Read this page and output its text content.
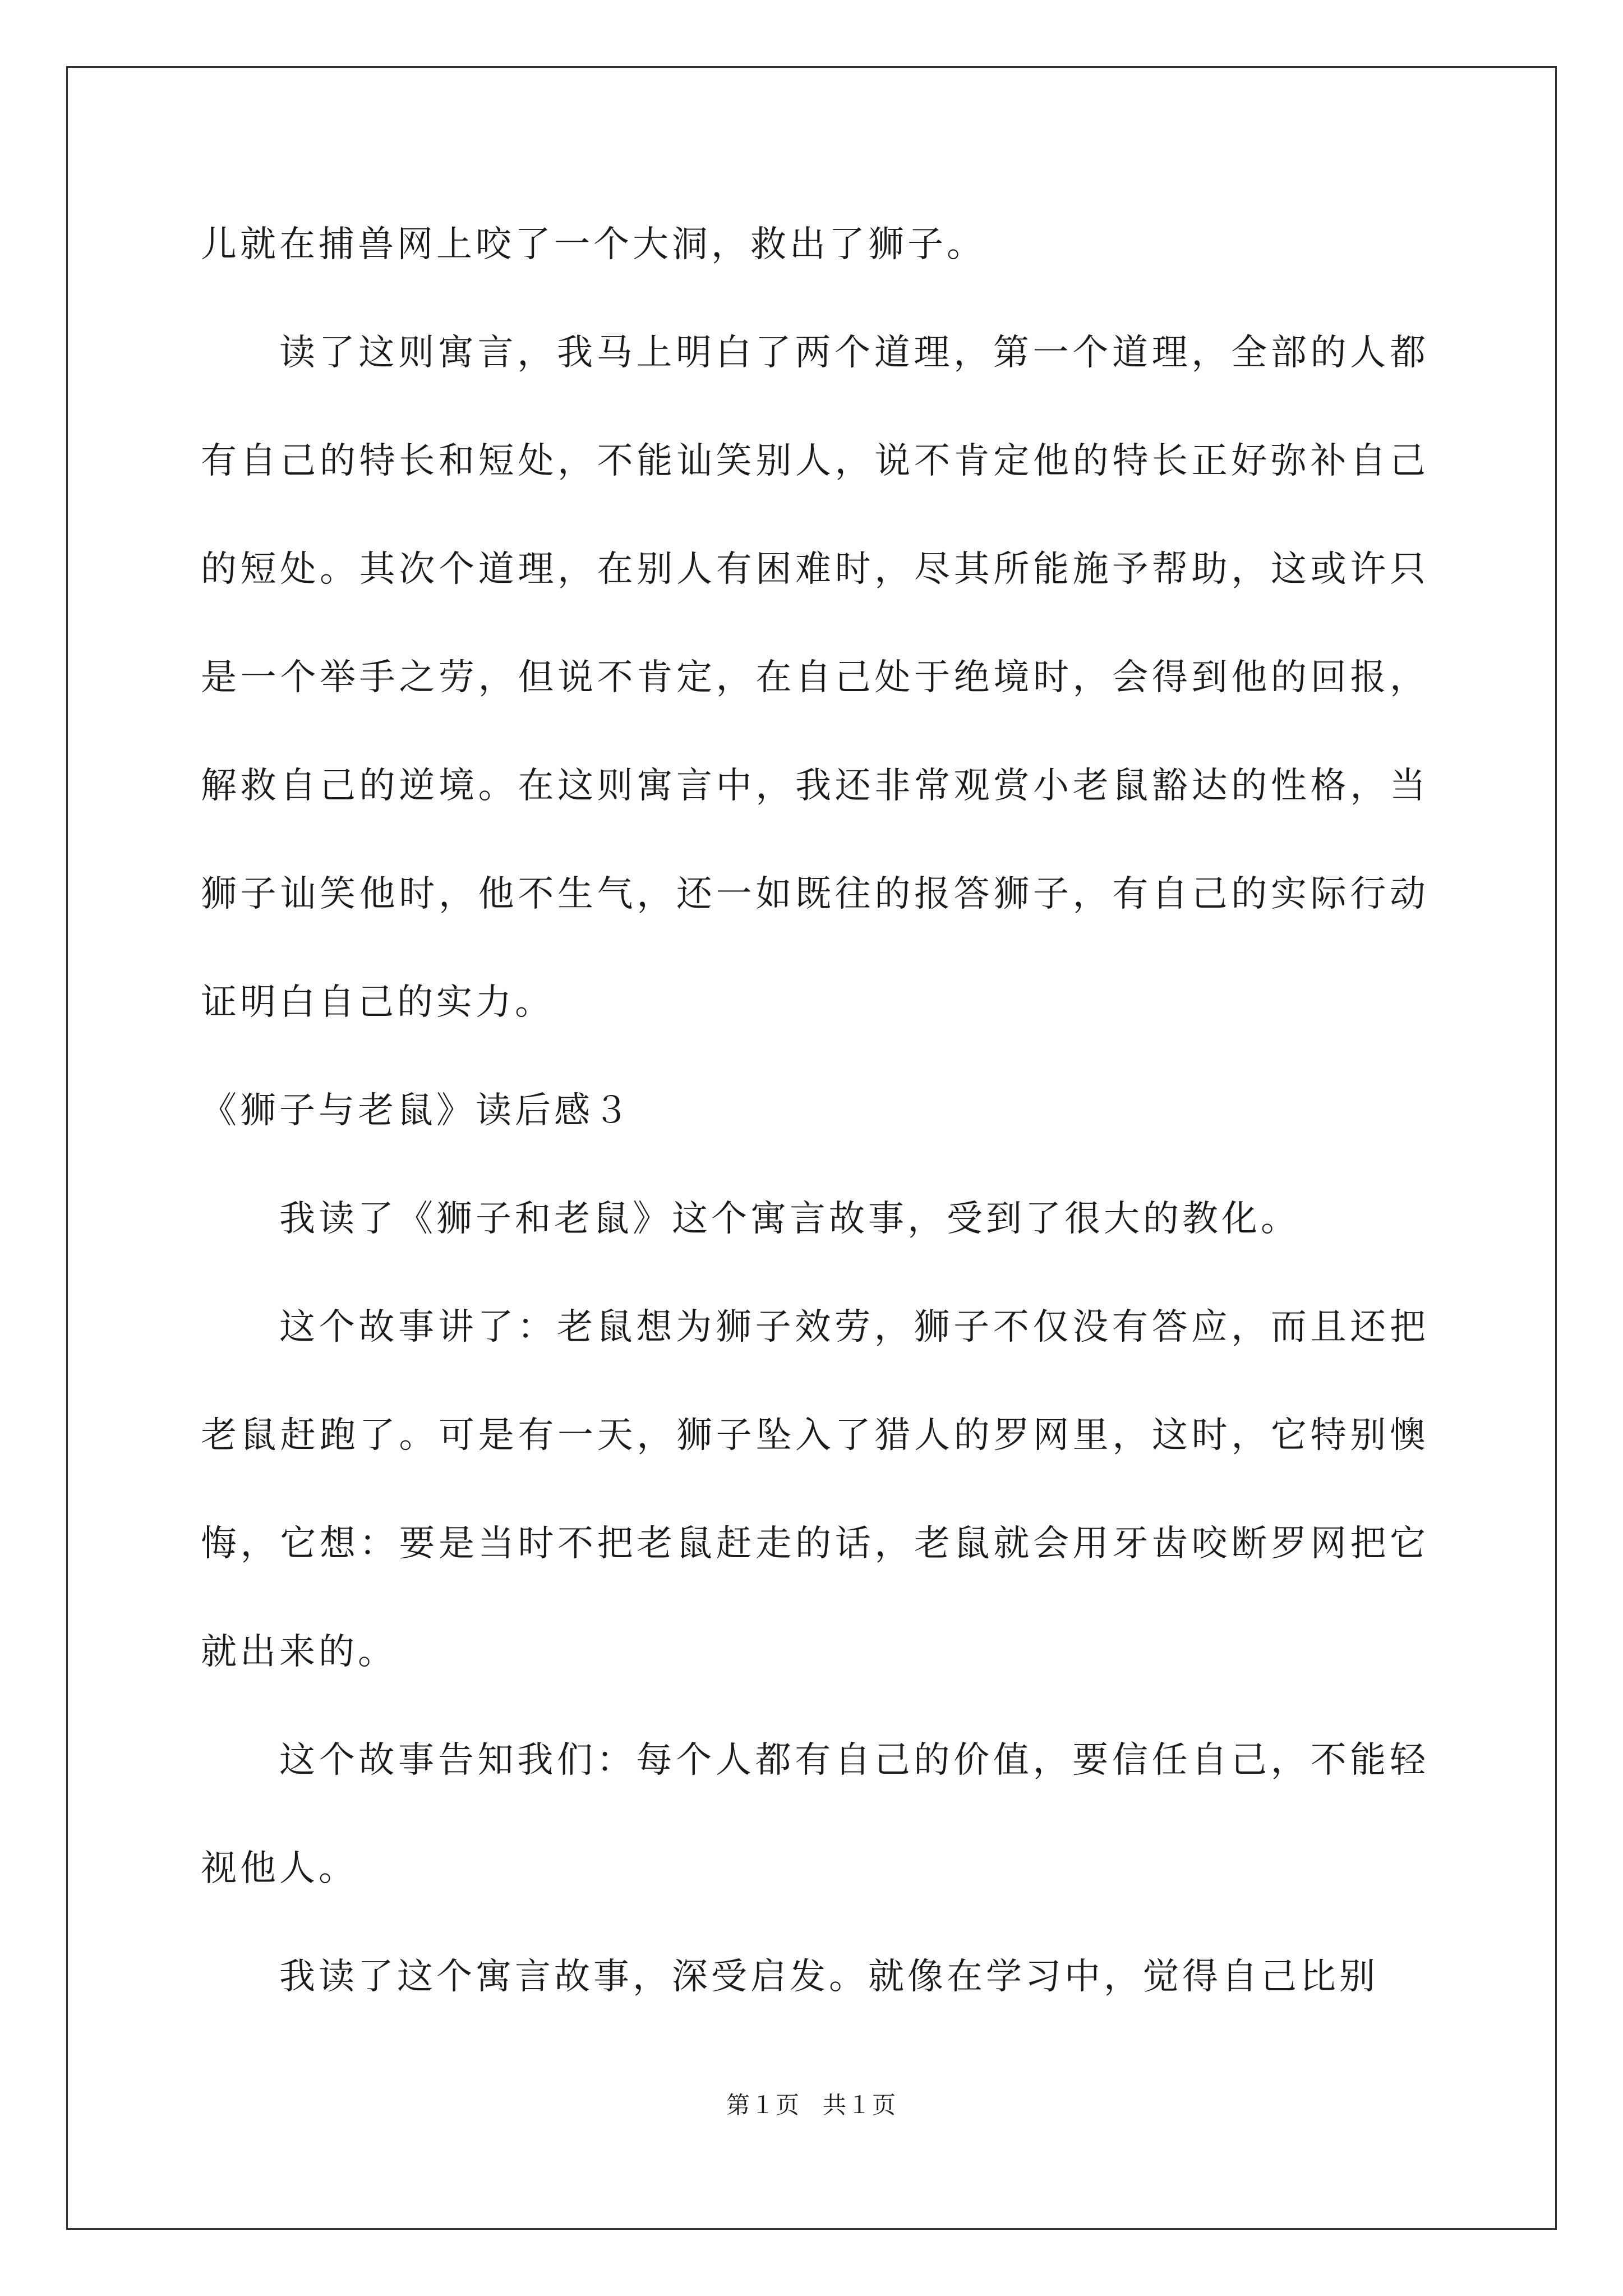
儿就在捕兽网上咬了一个大洞，救出了狮子。

读了这则寓言，我马上明白了两个道理，第一个道理，全部的人都有自己的特长和短处，不能讪笑别人，说不肯定他的特长正好弥补自己的短处。其次个道理，在别人有困难时，尽其所能施予帮助，这或许只是一个举手之劳，但说不肯定，在自己处于绝境时，会得到他的回报，解救自己的逆境。在这则寓言中，我还非常观赏小老鼠豁达的性格，当狮子讪笑他时，他不生气，还一如既往的报答狮子，有自己的实际行动证明白自己的实力。

《狮子与老鼠》读后感３

我读了《狮子和老鼠》这个寓言故事，受到了很大的教化。

这个故事讲了：老鼠想为狮子效劳，狮子不仅没有答应，而且还把老鼠赶跑了。可是有一天，狮子坠入了猎人的罗网里，这时，它特别懊悔，它想：要是当时不把老鼠赶走的话，老鼠就会用牙齿咬断罗网把它就出来的。

这个故事告知我们：每个人都有自己的价值，要信任自己，不能轻视他人。

我读了这个寓言故事，深受启发。就像在学习中，觉得自己比别

第１页 共１页
